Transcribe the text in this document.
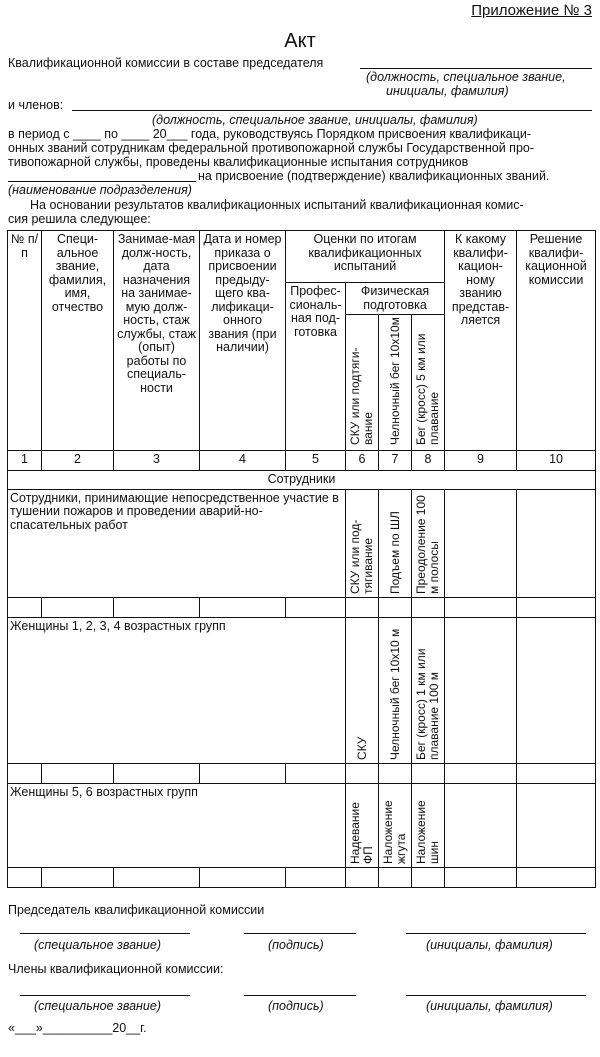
Приложение № 3
Акт
Квалификационной комиссии в составе председателя
(должность, специальное звание,
инициалы, фамилия)
и членов:
(должность, специальное звание, инициалы, фамилия)
в период с ____ по ____ 20___ года, руководствуясь Порядком присвоения квалификаци-
онных званий сотрудникам федеральной противопожарной службы Государственной про-
тивопожарной службы, проведены квалификационные испытания сотрудников
на присвоение (подтверждение) квалификационных званий.
(наименование подразделения)
На основании результатов квалификационных испытаний квалификационная комис-
сия решила следующее:
№ п/п	Специ-альное звание, фамилия, имя, отчество	Занимае-мая долж-ность, дата назначения на занимае-мую долж-ность, стаж службы, стаж (опыт) работы по специаль-ности	Дата и номер приказа о присвоении предыду-щего ква-лификаци-онного звания (при наличии)	Оценки по итогам квалификационных испытаний				К какому квалифи-кацион-ному званию представ-ляется	Решение квалифи-кационной комиссии
				Профес-сиональ-ная под-готовка	Физическая подготовка				

					СКУ или подтяги-вание	Челночный бег 10х10м	Бег (кросс) 5 км или плавание		

1	2	3	4	5	6	7	8	9	10
Сотрудники									
Сотрудники, принимающие непосредственное участие в тушении пожаров и проведении аварий-но-спасательных работ					СКУ или под-тягивание	Подъем по ШЛ	Преодоление 100 м полосы		

Женщины 1, 2, 3, 4 возрастных групп					СКУ	Челночный бег 10х10 м	Бег (кросс) 1 км или плавание 100 м		

Женщины 5, 6 возрастных групп					Надевание ФП	Наложение жгута	Наложение шин		

Председатель квалификационной комиссии
(специальное звание)	(подпись)	(инициалы, фамилия)
Члены квалификационной комиссии:
(специальное звание)	(подпись)	(инициалы, фамилия)
«___»__________20__г.
